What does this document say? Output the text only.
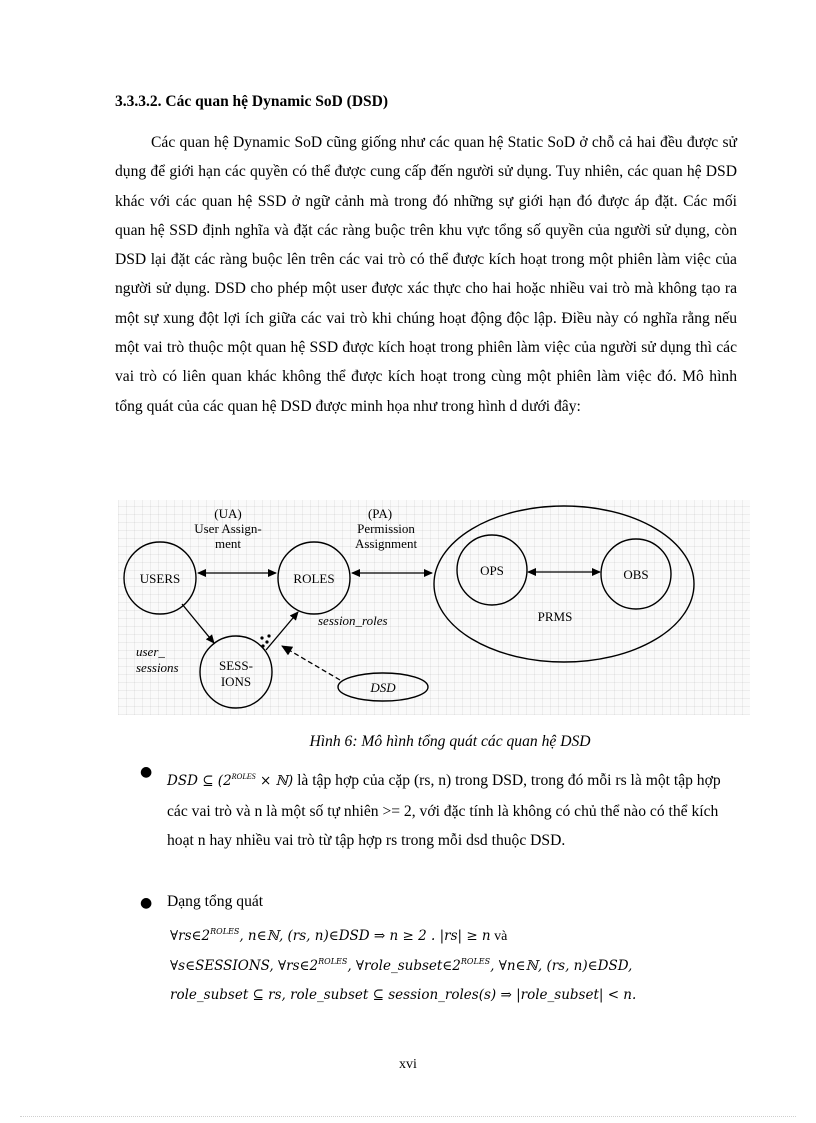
3.3.3.2. Các quan hệ Dynamic SoD (DSD)

Các quan hệ Dynamic SoD cũng giống như các quan hệ Static SoD ở chỗ cả hai đều được sử dụng để giới hạn các quyền có thể được cung cấp đến người sử dụng. Tuy nhiên, các quan hệ DSD khác với các quan hệ SSD ở ngữ cảnh mà trong đó những sự giới hạn đó được áp đặt. Các mối quan hệ SSD định nghĩa và đặt các ràng buộc trên khu vực tổng số quyền của người sử dụng, còn DSD lại đặt các ràng buộc lên trên các vai trò có thể được kích hoạt trong một phiên làm việc của người sử dụng. DSD cho phép một user được xác thực cho hai hoặc nhiều vai trò mà không tạo ra một sự xung đột lợi ích giữa các vai trò khi chúng hoạt động độc lập. Điều này có nghĩa rằng nếu một vai trò thuộc một quan hệ SSD được kích hoạt trong phiên làm việc của người sử dụng thì các vai trò có liên quan khác không thể được kích hoạt trong cùng một phiên làm việc đó. Mô hình tổng quát của các quan hệ DSD được minh họa như trong hình d dưới đây:

(UA)
User Assign-
ment
(PA)
Permission
Assignment
USERS	ROLES
OPS	OBS
PRMS
SESS-
IONS
session_roles
user_
sessions
DSD
Hình 6: Mô hình tổng quát các quan hệ DSD
●
DSD ⊆ ($2^{ROLES}$ × ℕ) là tập hợp của cặp (rs, n) trong DSD, trong đó mỗi rs là một tập hợp các vai trò và n là một số tự nhiên >= 2, với đặc tính là không có chủ thể nào có thể kích hoạt n hay nhiều vai trò từ tập hợp rs trong mỗi dsd thuộc DSD.
● Dạng tổng quát
$\forall rs\in 2^{ROLES}$, n∈ℕ, (rs, n)∈DSD ⇒ n ≥ 2 . |rs| ≥ n và
∀s∈SESSIONS, $\forall rs\in 2^{ROLES}$, $\forall role\_subset\in 2^{ROLES}$, ∀n∈ℕ, (rs, n)∈DSD,
role_subset ⊆ rs, role_subset ⊆ session_roles(s) ⇒ |role_subset| < n.
xvi
